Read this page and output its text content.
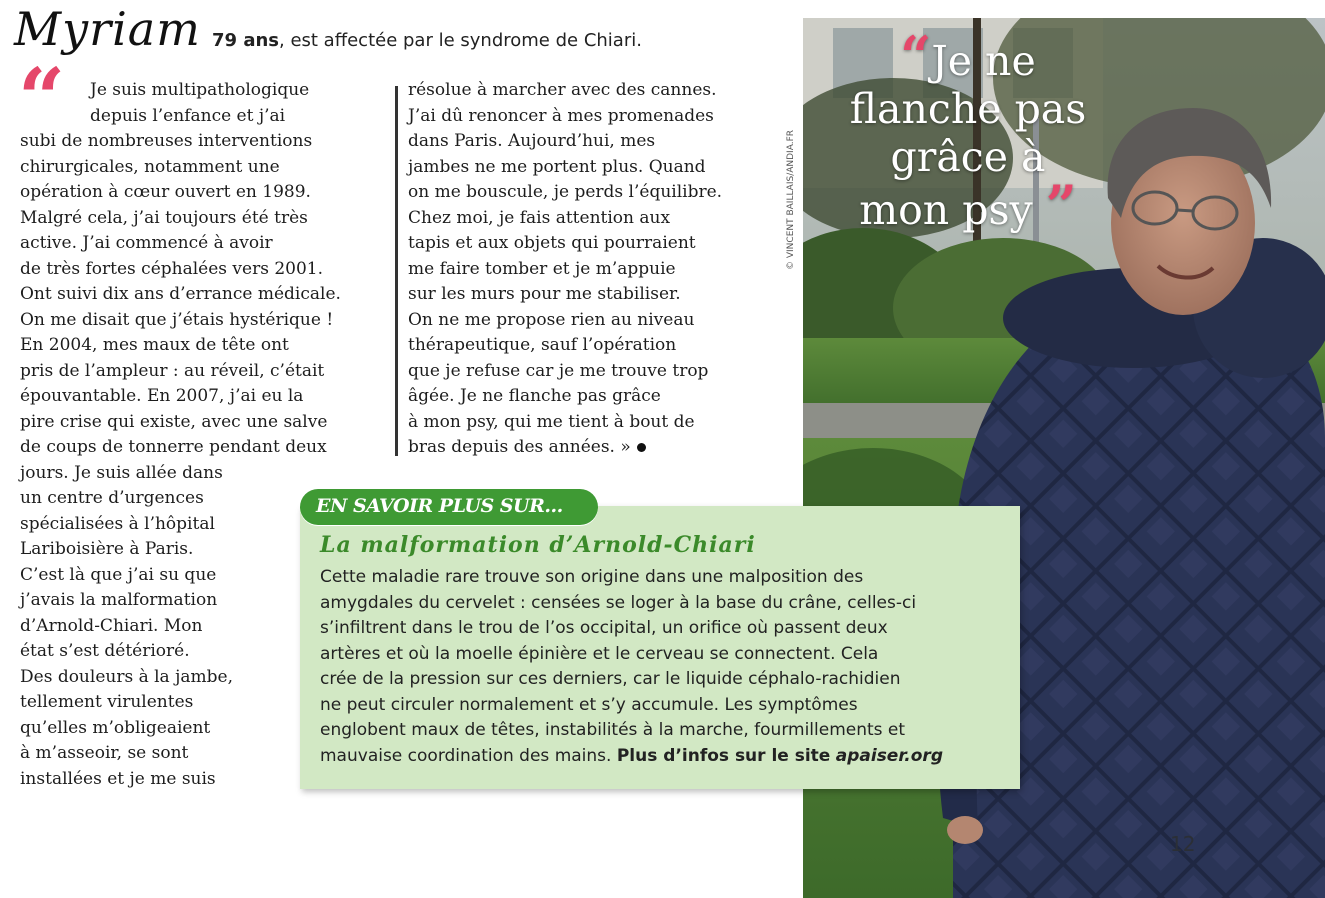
Myriam 79 ans, est affectée par le syndrome de Chiari.
“	Je suis multipathologique

depuis l’enfance et j’ai

subi de nombreuses interventions

chirurgicales, notamment une

opération à cœur ouvert en 1989.

Malgré cela, j’ai toujours été très

active. J’ai commencé à avoir

de très fortes céphalées vers 2001.

Ont suivi dix ans d’errance médicale.

On me disait que j’étais hystérique !

En 2004, mes maux de tête ont

pris de l’ampleur : au réveil, c’était

épouvantable. En 2007, j’ai eu la

pire crise qui existe, avec une salve

de coups de tonnerre pendant deux

jours. Je suis allée dans

un centre d’urgences

spécialisées à l’hôpital

Lariboisière à Paris.

C’est là que j’ai su que

j’avais la malformation

d’Arnold-Chiari. Mon

état s’est détérioré.

Des douleurs à la jambe,

tellement virulentes

qu’elles m’obligeaient

à m’asseoir, se sont

installées et je me suis

résolue à marcher avec des cannes.

J’ai dû renoncer à mes promenades

dans Paris. Aujourd’hui, mes

jambes ne me portent plus. Quand

on me bouscule, je perds l’équilibre.

Chez moi, je fais attention aux

tapis et aux objets qui pourraient

me faire tomber et je m’appuie

sur les murs pour me stabiliser.

On ne me propose rien au niveau

thérapeutique, sauf l’opération

que je refuse car je me trouve trop

âgée. Je ne flanche pas grâce

à mon psy, qui me tient à bout de

bras depuis des années. »

“Je ne
flanche pas
grâce à
mon psy ”
© VINCENT BAILLAIS/ANDIA.FR
12
EN SAVOIR PLUS SUR...
La malformation d’Arnold-Chiari

Cette maladie rare trouve son origine dans une malposition des

amygdales du cervelet : censées se loger à la base du crâne, celles-ci

s’infiltrent dans le trou de l’os occipital, un orifice où passent deux

artères et où la moelle épinière et le cerveau se connectent. Cela

crée de la pression sur ces derniers, car le liquide céphalo-rachidien

ne peut circuler normalement et s’y accumule. Les symptômes

englobent maux de têtes, instabilités à la marche, fourmillements et

mauvaise coordination des mains. Plus d’infos sur le site apaiser.org
